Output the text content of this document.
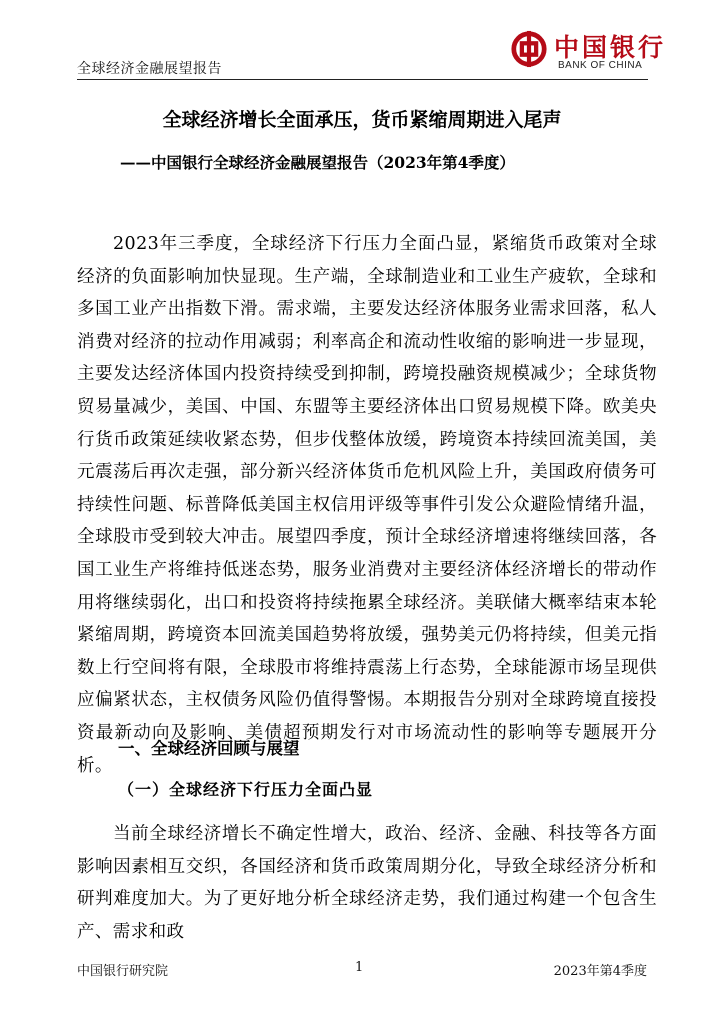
全球经济金融展望报告
中国银行
BANK OF CHINA
全球经济增长全面承压，货币紧缩周期进入尾声
——中国银行全球经济金融展望报告（2023年第4季度）

2023年三季度，全球经济下行压力全面凸显，紧缩货币政策对全球经济的负面影响加快显现。生产端，全球制造业和工业生产疲软，全球和多国工业产出指数下滑。需求端，主要发达经济体服务业需求回落，私人消费对经济的拉动作用减弱；利率高企和流动性收缩的影响进一步显现，主要发达经济体国内投资持续受到抑制，跨境投融资规模减少；全球货物贸易量减少，美国、中国、东盟等主要经济体出口贸易规模下降。欧美央行货币政策延续收紧态势，但步伐整体放缓，跨境资本持续回流美国，美元震荡后再次走强，部分新兴经济体货币危机风险上升，美国政府债务可持续性问题、标普降低美国主权信用评级等事件引发公众避险情绪升温，全球股市受到较大冲击。展望四季度，预计全球经济增速将继续回落，各国工业生产将维持低迷态势，服务业消费对主要经济体经济增长的带动作用将继续弱化，出口和投资将持续拖累全球经济。美联储大概率结束本轮紧缩周期，跨境资本回流美国趋势将放缓，强势美元仍将持续，但美元指数上行空间将有限，全球股市将维持震荡上行态势，全球能源市场呈现供应偏紧状态，主权债务风险仍值得警惕。本期报告分别对全球跨境直接投资最新动向及影响、美债超预期发行对市场流动性的影响等专题展开分析。

一、全球经济回顾与展望
（一）全球经济下行压力全面凸显

当前全球经济增长不确定性增大，政治、经济、金融、科技等各方面影响因素相互交织，各国经济和货币政策周期分化，导致全球经济分析和研判难度加大。为了更好地分析全球经济走势，我们通过构建一个包含生产、需求和政

中国银行研究院	1	2023年第4季度
